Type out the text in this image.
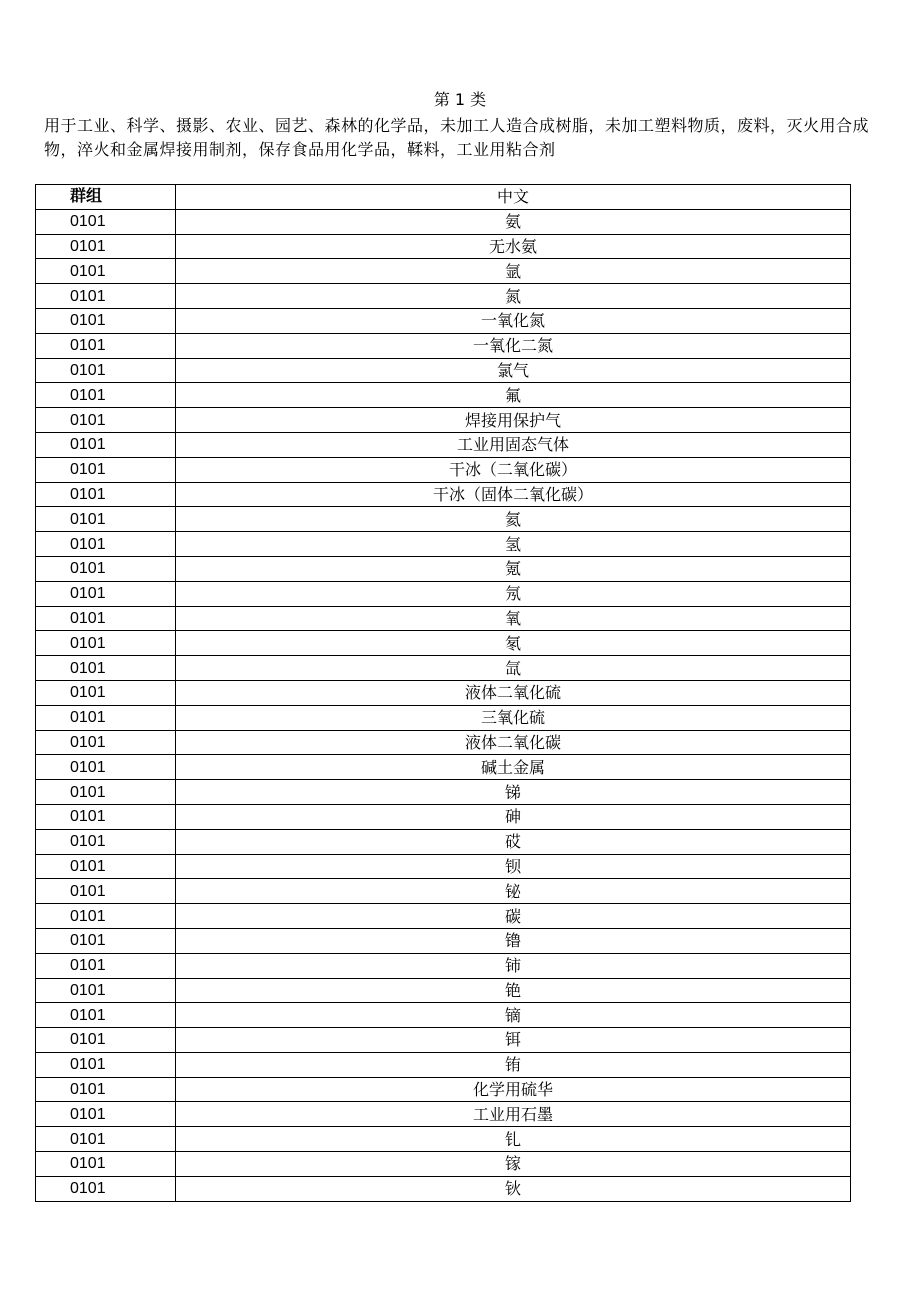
第 1 类
用于工业、科学、摄影、农业、园艺、森林的化学品，未加工人造合成树脂，未加工塑料物质，废料，灭火用合成物，淬火和金属焊接用制剂，保存食品用化学品，鞣料，工业用粘合剂
群组	中文
0101	氨
0101	无水氨
0101	氩
0101	氮
0101	一氧化氮
0101	一氧化二氮
0101	氯气
0101	氟
0101	焊接用保护气
0101	工业用固态气体
0101	干冰（二氧化碳）
0101	干冰（固体二氧化碳）
0101	氦
0101	氢
0101	氪
0101	氖
0101	氧
0101	氡
0101	氙
0101	液体二氧化硫
0101	三氧化硫
0101	液体二氧化碳
0101	碱土金属
0101	锑
0101	砷
0101	砹
0101	钡
0101	铋
0101	碳
0101	镥
0101	铈
0101	铯
0101	镝
0101	铒
0101	铕
0101	化学用硫华
0101	工业用石墨
0101	钆
0101	镓
0101	钬
